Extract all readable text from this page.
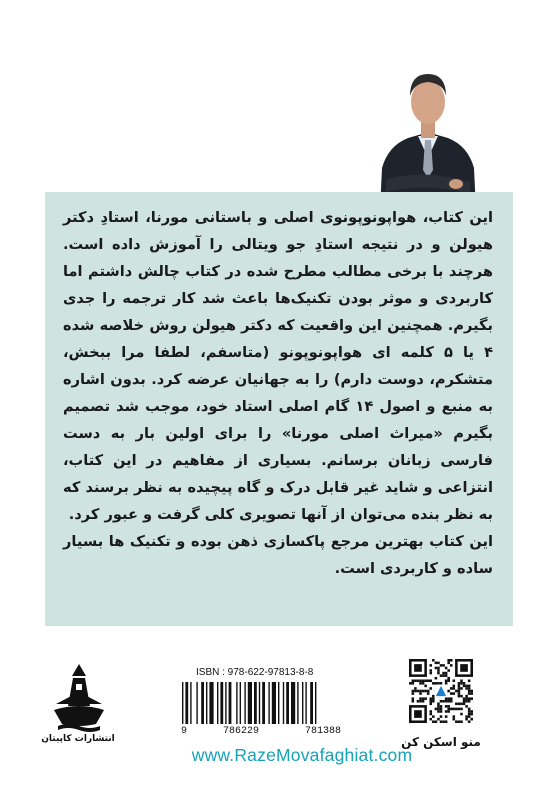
این کتاب، هواپونوپونوی اصلی و باستانی مورنا، استادِ دکتر هیولن و در نتیجه استادِ جو ویتالی را آموزش داده است. هرچند با برخی مطالب مطرح شده در کتاب چالش داشتم اما کاربردی و موثر بودن تکنیک‌ها باعث شد کار ترجمه را جدی بگیرم. همچنین این واقعیت که دکتر هیولن روش خلاصه شده ۴ یا ۵ کلمه ای هواپونوپونو (متاسفم، لطفا مرا ببخش، متشکرم، دوست دارم) را به جهانیان عرضه کرد. بدون اشاره به منبع و اصول ۱۴ گام اصلی استاد خود، موجب شد تصمیم بگیرم «میراث اصلی مورنا» را برای اولین بار به دست فارسی زبانان برسانم. بسیاری از مفاهیم در این کتاب، انتزاعی و شاید غیر قابل درک و گاه پیچیده به نظر برسند که به نظر بنده می‌توان از آنها تصویری کلی گرفت و عبور کرد.

این کتاب بهترین مرجع پاکسازی ذهن بوده و تکنیک ها بسیار ساده و کاربردی است.

انتشارات کاپیتان
ISBN : 978-622-97813-8-8
9	786229	781388
منو اسکن کن
www.RazeMovafaghiat.com
